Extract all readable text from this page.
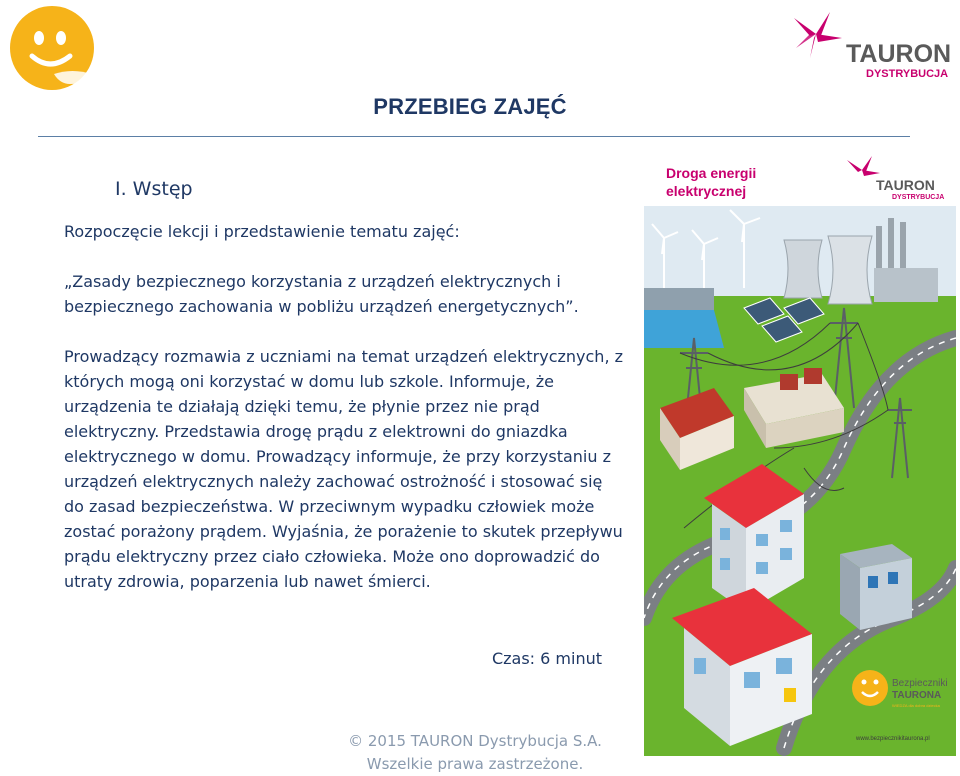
TAURON
DYSTRYBUCJA
PRZEBIEG ZAJĘĆ
I. Wstęp
Rozpoczęcie lekcji i przedstawienie tematu zajęć:
„Zasady bezpiecznego korzystania z urządzeń elektrycznych i bezpiecznego zachowania w pobliżu urządzeń energetycznych”.
Prowadzący rozmawia z uczniami na temat urządzeń elektrycznych, z których mogą oni korzystać w domu lub szkole. Informuje, że urządzenia te działają dzięki temu, że płynie przez nie prąd elektryczny. Przedstawia drogę prądu z elektrowni do gniazdka elektrycznego w domu. Prowadzący informuje, że przy korzystaniu z urządzeń elektrycznych należy zachować ostrożność i stosować się do zasad bezpieczeństwa. W przeciwnym wypadku człowiek może zostać porażony prądem. Wyjaśnia, że porażenie to skutek przepływu prądu elektryczny przez ciało człowieka. Może ono doprowadzić do utraty zdrowia, poparzenia lub nawet śmierci.
Czas: 6 minut
Droga energii
elektrycznej	TAURON
DYSTRYBUCJA
Bezpieczniki
TAURONA
WIEDZA dla dobra dziecka
www.bezpiecznikitaurona.pl
© 2015 TAURON Dystrybucja S.A.
Wszelkie prawa zastrzeżone.
